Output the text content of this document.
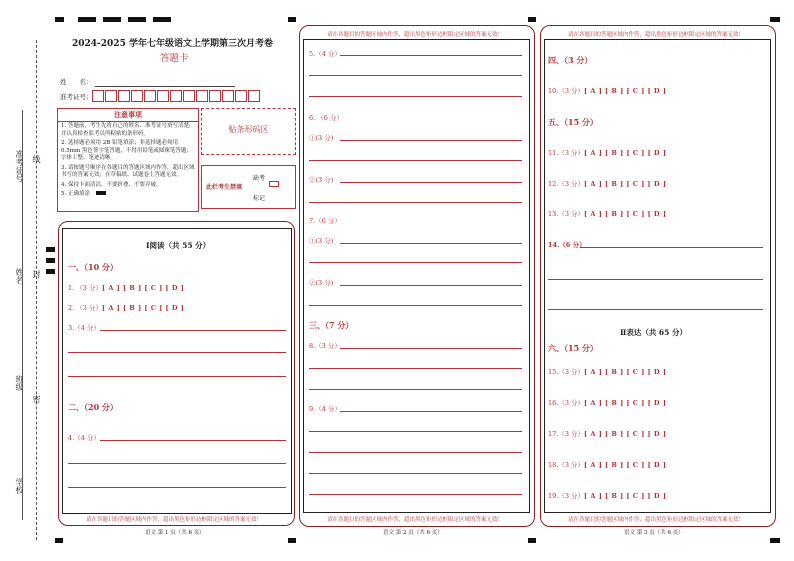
准考证号 线
姓名 封
班级
密
学校
2024-2025 学年七年级语文上学期第三次月考卷
答题卡
姓　　名：
准考证号：
注意事项
1. 答题前，考生先将自己的姓名、准考证号填写清楚，并认真检查监考员所粘贴的条形码。
2. 选择题必须用 2B 铅笔填涂；非选择题必须用 0.5mm 黑色签字笔答题，不得用铅笔或圆珠笔答题；字体工整、笔迹清晰。
3. 请按题号顺序在各题目的答题区域内作答，超出区域书写的答案无效；在草稿纸、试题卷上答题无效。
4. 保持卡面清洁，不要折叠、不要弄破。
5. 正确填涂
贴条形码区
此栏考生禁填
缺考
标记
Ⅰ阅读（共 55 分）
一、（10 分）
1. （3 分）[ A ] [ B ] [ C ] [ D ]
2. （3 分）[ A ] [ B ] [ C ] [ D ]
3.（4 分）
二、（20 分）
4.（4 分）
请在各题目的答题区域内作答，超出黑色矩形边框限定区域的答案无效！
语文 第 1 页（共 6 页）
请在各题目的答题区域内作答，超出黑色矩形边框限定区域的答案无效！
5.（4 分）
6. （6 分）
①(3 分)
②(3 分)
7.（6 分）
①(3 分)
②(3 分)
三、（7 分）
8.（3 分）
9.（4 分）
请在各题目的答题区域内作答，超出黑色矩形边框限定区域的答案无效！
语文 第 2 页（共 6 页）
请在各题目的答题区域内作答，超出黑色矩形边框限定区域的答案无效！
四、（3 分）
10.（3 分）[ A ] [ B ] [ C ] [ D ]
五、（15 分）
11.（3 分）[ A ] [ B ] [ C ] [ D ]
12.（3 分）[ A ] [ B ] [ C ] [ D ]
13.（3 分）[ A ] [ B ] [ C ] [ D ]
14.（6 分）
Ⅱ表达（共 65 分）
六、（15 分）
15.（3 分）[ A ] [ B ] [ C ] [ D ]
16.（3 分）[ A ] [ B ] [ C ] [ D ]
17.（3 分）[ A ] [ B ] [ C ] [ D ]
18.（3 分）[ A ] [ B ] [ C ] [ D ]
19.（3 分）[ A ] [ B ] [ C ] [ D ]
请在各题目的答题区域内作答，超出黑色矩形边框限定区域的答案无效！
语文 第 3 页（共 6 页）
